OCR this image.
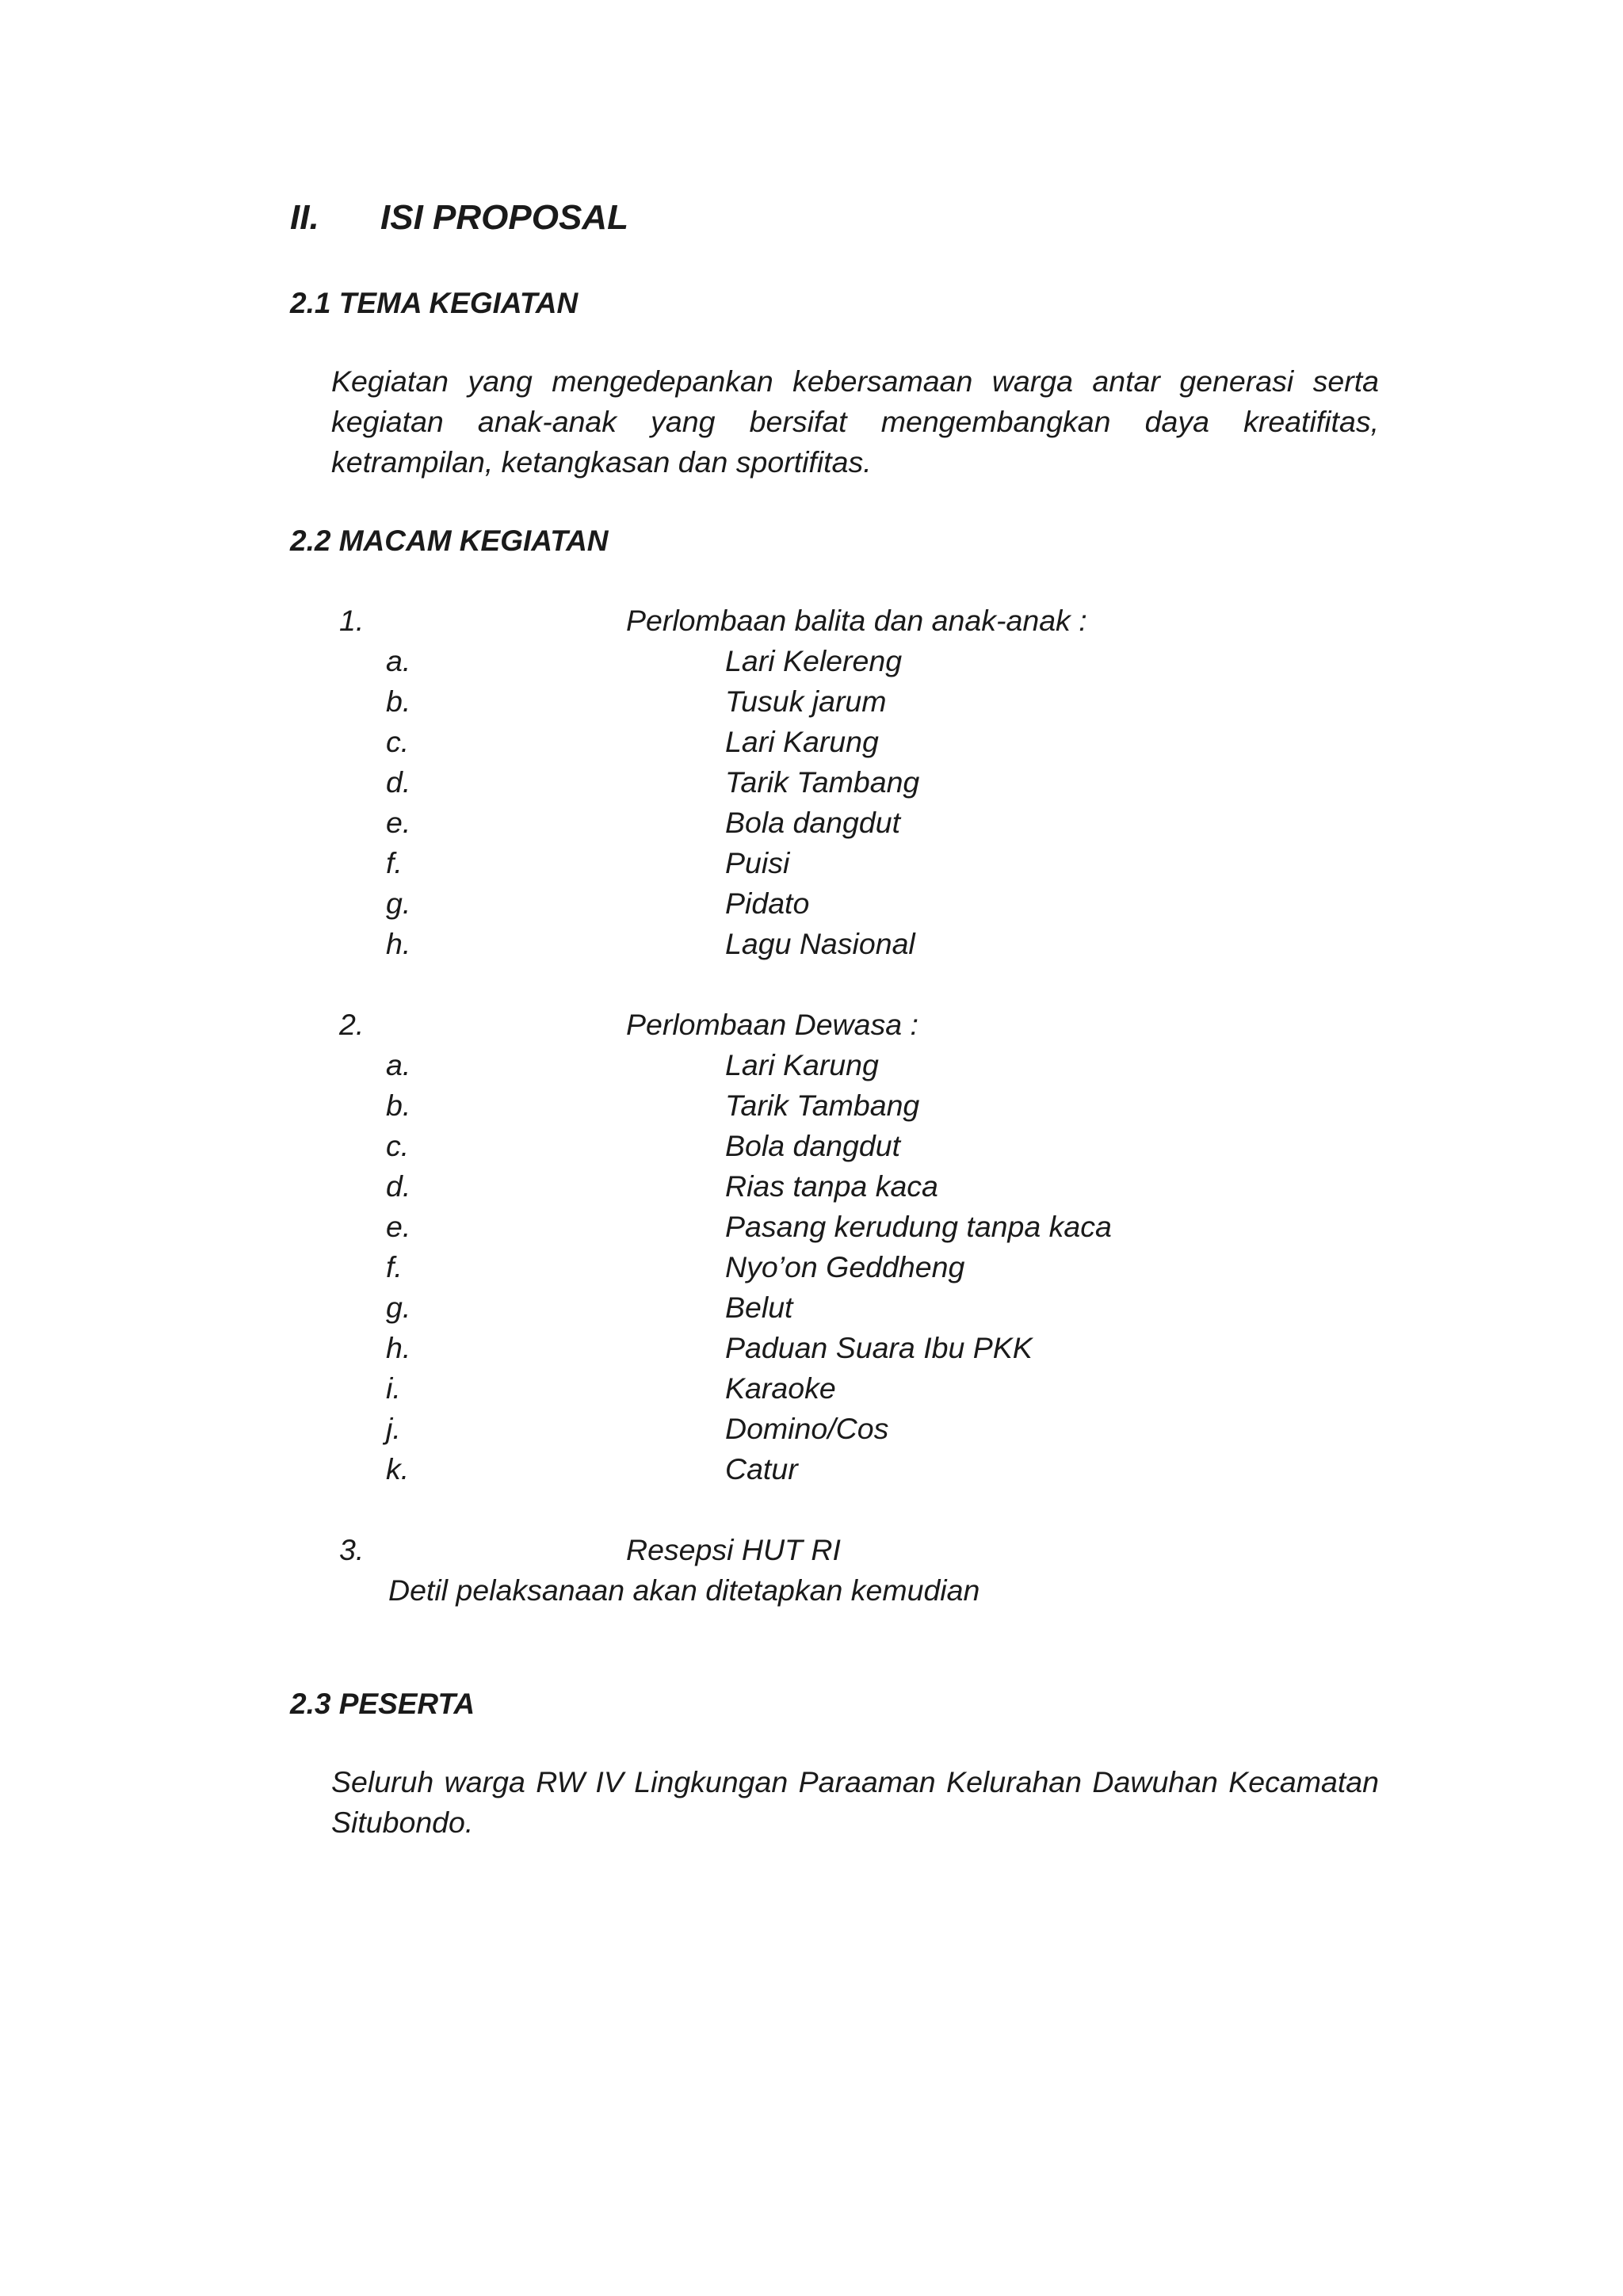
II. ISI PROPOSAL
2.1 TEMA KEGIATAN

Kegiatan yang mengedepankan kebersamaan warga antar generasi serta kegiatan anak-anak yang bersifat mengembangkan daya kreatifitas, ketrampilan, ketangkasan dan sportifitas.

2.2 MACAM KEGIATAN
1.	Perlombaan balita dan anak-anak :
a.	Lari Kelereng
b.	Tusuk jarum
c.	Lari Karung
d.	Tarik Tambang
e.	Bola dangdut
f.	Puisi
g.	Pidato
h.	Lagu Nasional
2.	Perlombaan Dewasa :
a.	Lari Karung
b.	Tarik Tambang
c.	Bola dangdut
d.	Rias tanpa kaca
e.	Pasang kerudung tanpa kaca
f.	Nyo’on Geddheng
g.	Belut
h.	Paduan Suara Ibu PKK
i.	Karaoke
j.	Domino/Cos
k.	Catur
3.	Resepsi HUT RI
Detil pelaksanaan akan ditetapkan kemudian
2.3 PESERTA

Seluruh warga RW IV Lingkungan Paraaman Kelurahan Dawuhan Kecamatan Situbondo.
